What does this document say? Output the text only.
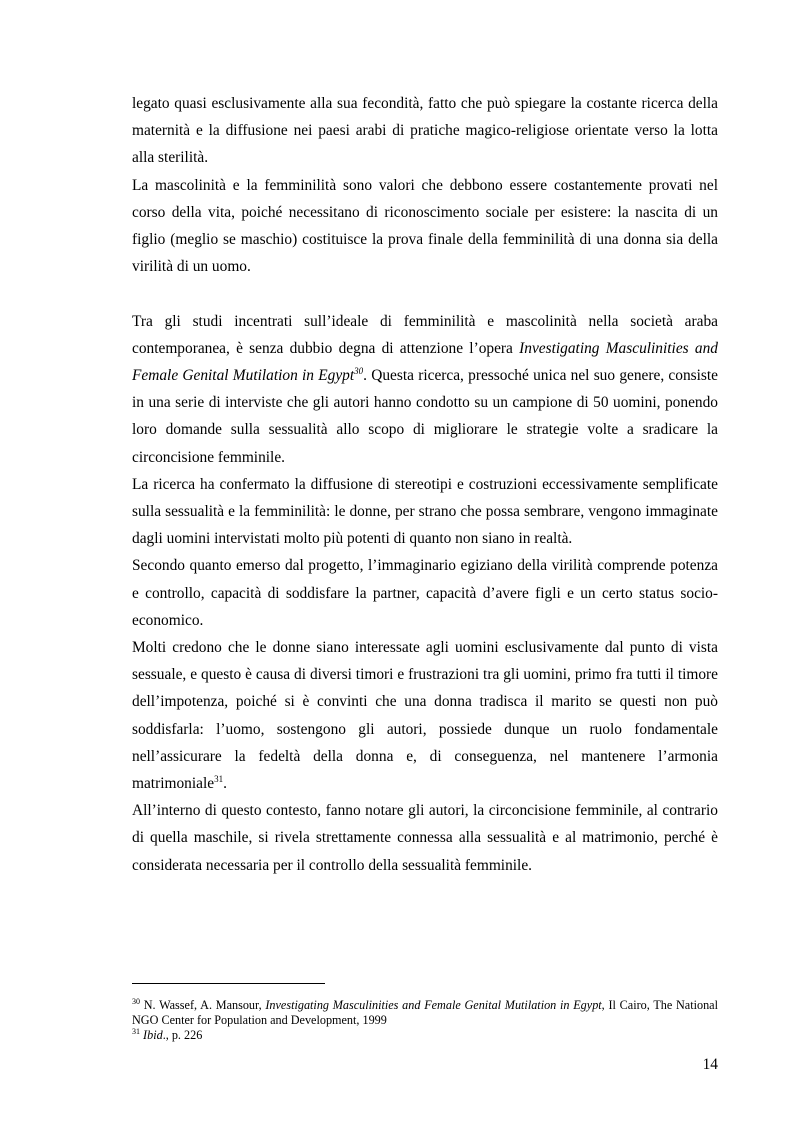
legato quasi esclusivamente alla sua fecondità, fatto che può spiegare la costante ricerca della maternità e la diffusione nei paesi arabi di pratiche magico-religiose orientate verso la lotta alla sterilità.

La mascolinità e la femminilità sono valori che debbono essere costantemente provati nel corso della vita, poiché necessitano di riconoscimento sociale per esistere: la nascita di un figlio (meglio se maschio) costituisce la prova finale della femminilità di una donna sia della virilità di un uomo.

Tra gli studi incentrati sull’ideale di femminilità e mascolinità nella società araba contemporanea, è senza dubbio degna di attenzione l’opera Investigating Masculinities and Female Genital Mutilation in Egypt$^{30}$. Questa ricerca, pressoché unica nel suo genere, consiste in una serie di interviste che gli autori hanno condotto su un campione di 50 uomini, ponendo loro domande sulla sessualità allo scopo di migliorare le strategie volte a sradicare la circoncisione femminile.

La ricerca ha confermato la diffusione di stereotipi e costruzioni eccessivamente semplificate sulla sessualità e la femminilità: le donne, per strano che possa sembrare, vengono immaginate dagli uomini intervistati molto più potenti di quanto non siano in realtà.

Secondo quanto emerso dal progetto, l’immaginario egiziano della virilità comprende potenza e controllo, capacità di soddisfare la partner, capacità d’avere figli e un certo status socio-economico.

Molti credono che le donne siano interessate agli uomini esclusivamente dal punto di vista sessuale, e questo è causa di diversi timori e frustrazioni tra gli uomini, primo fra tutti il timore dell’impotenza, poiché si è convinti che una donna tradisca il marito se questi non può soddisfarla: l’uomo, sostengono gli autori, possiede dunque un ruolo fondamentale nell’assicurare la fedeltà della donna e, di conseguenza, nel mantenere l’armonia matrimoniale$^{31}$.

All’interno di questo contesto, fanno notare gli autori, la circoncisione femminile, al contrario di quella maschile, si rivela strettamente connessa alla sessualità e al matrimonio, perché è considerata necessaria per il controllo della sessualità femminile.

$^{30}$ N. Wassef, A. Mansour, Investigating Masculinities and Female Genital Mutilation in Egypt, Il Cairo, The National NGO Center for Population and Development, 1999

$^{31}$ Ibid., p. 226

14
